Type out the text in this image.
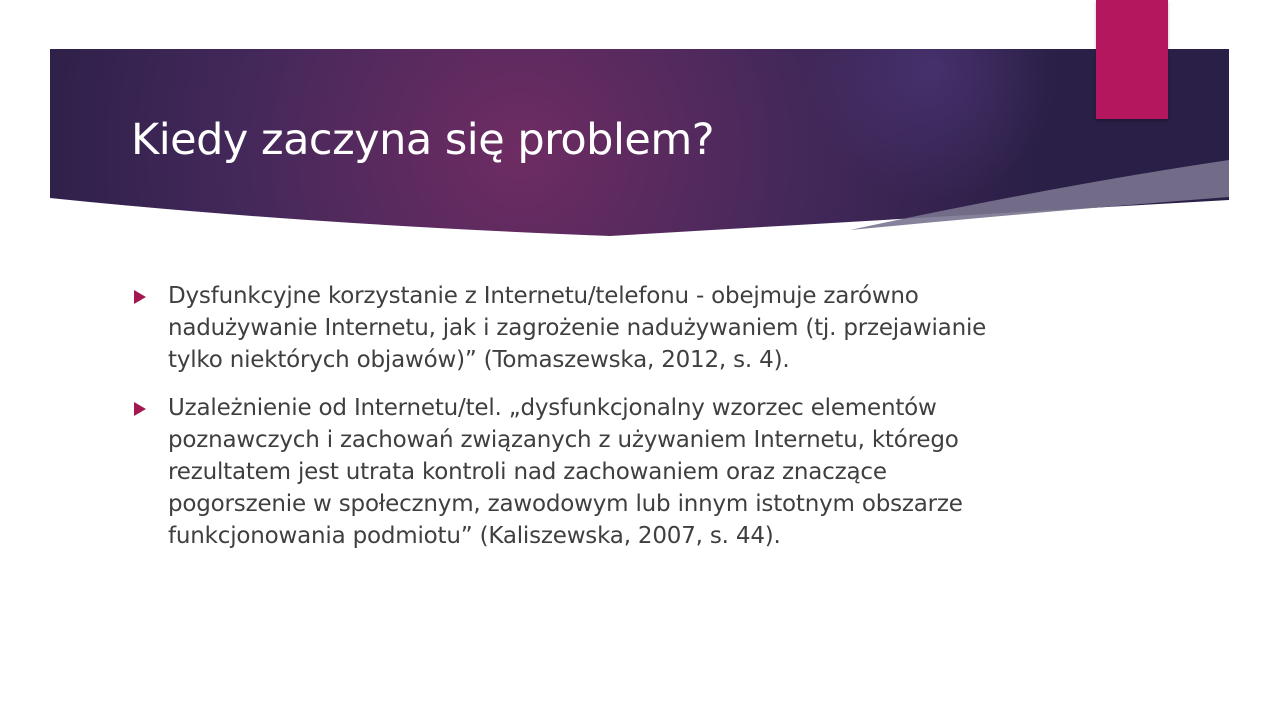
Kiedy zaczyna się problem?
Dysfunkcyjne korzystanie z Internetu/telefonu - obejmuje zarówno nadużywanie Internetu, jak i zagrożenie nadużywaniem (tj. przejawianie tylko niektórych objawów)” (Tomaszewska, 2012, s. 4).
Uzależnienie od Internetu/tel. „dysfunkcjonalny wzorzec elementów poznawczych i zachowań związanych z używaniem Internetu, którego rezultatem jest utrata kontroli nad zachowaniem oraz znaczące pogorszenie w społecznym, zawodowym lub innym istotnym obszarze funkcjonowania podmiotu” (Kaliszewska, 2007, s. 44).
